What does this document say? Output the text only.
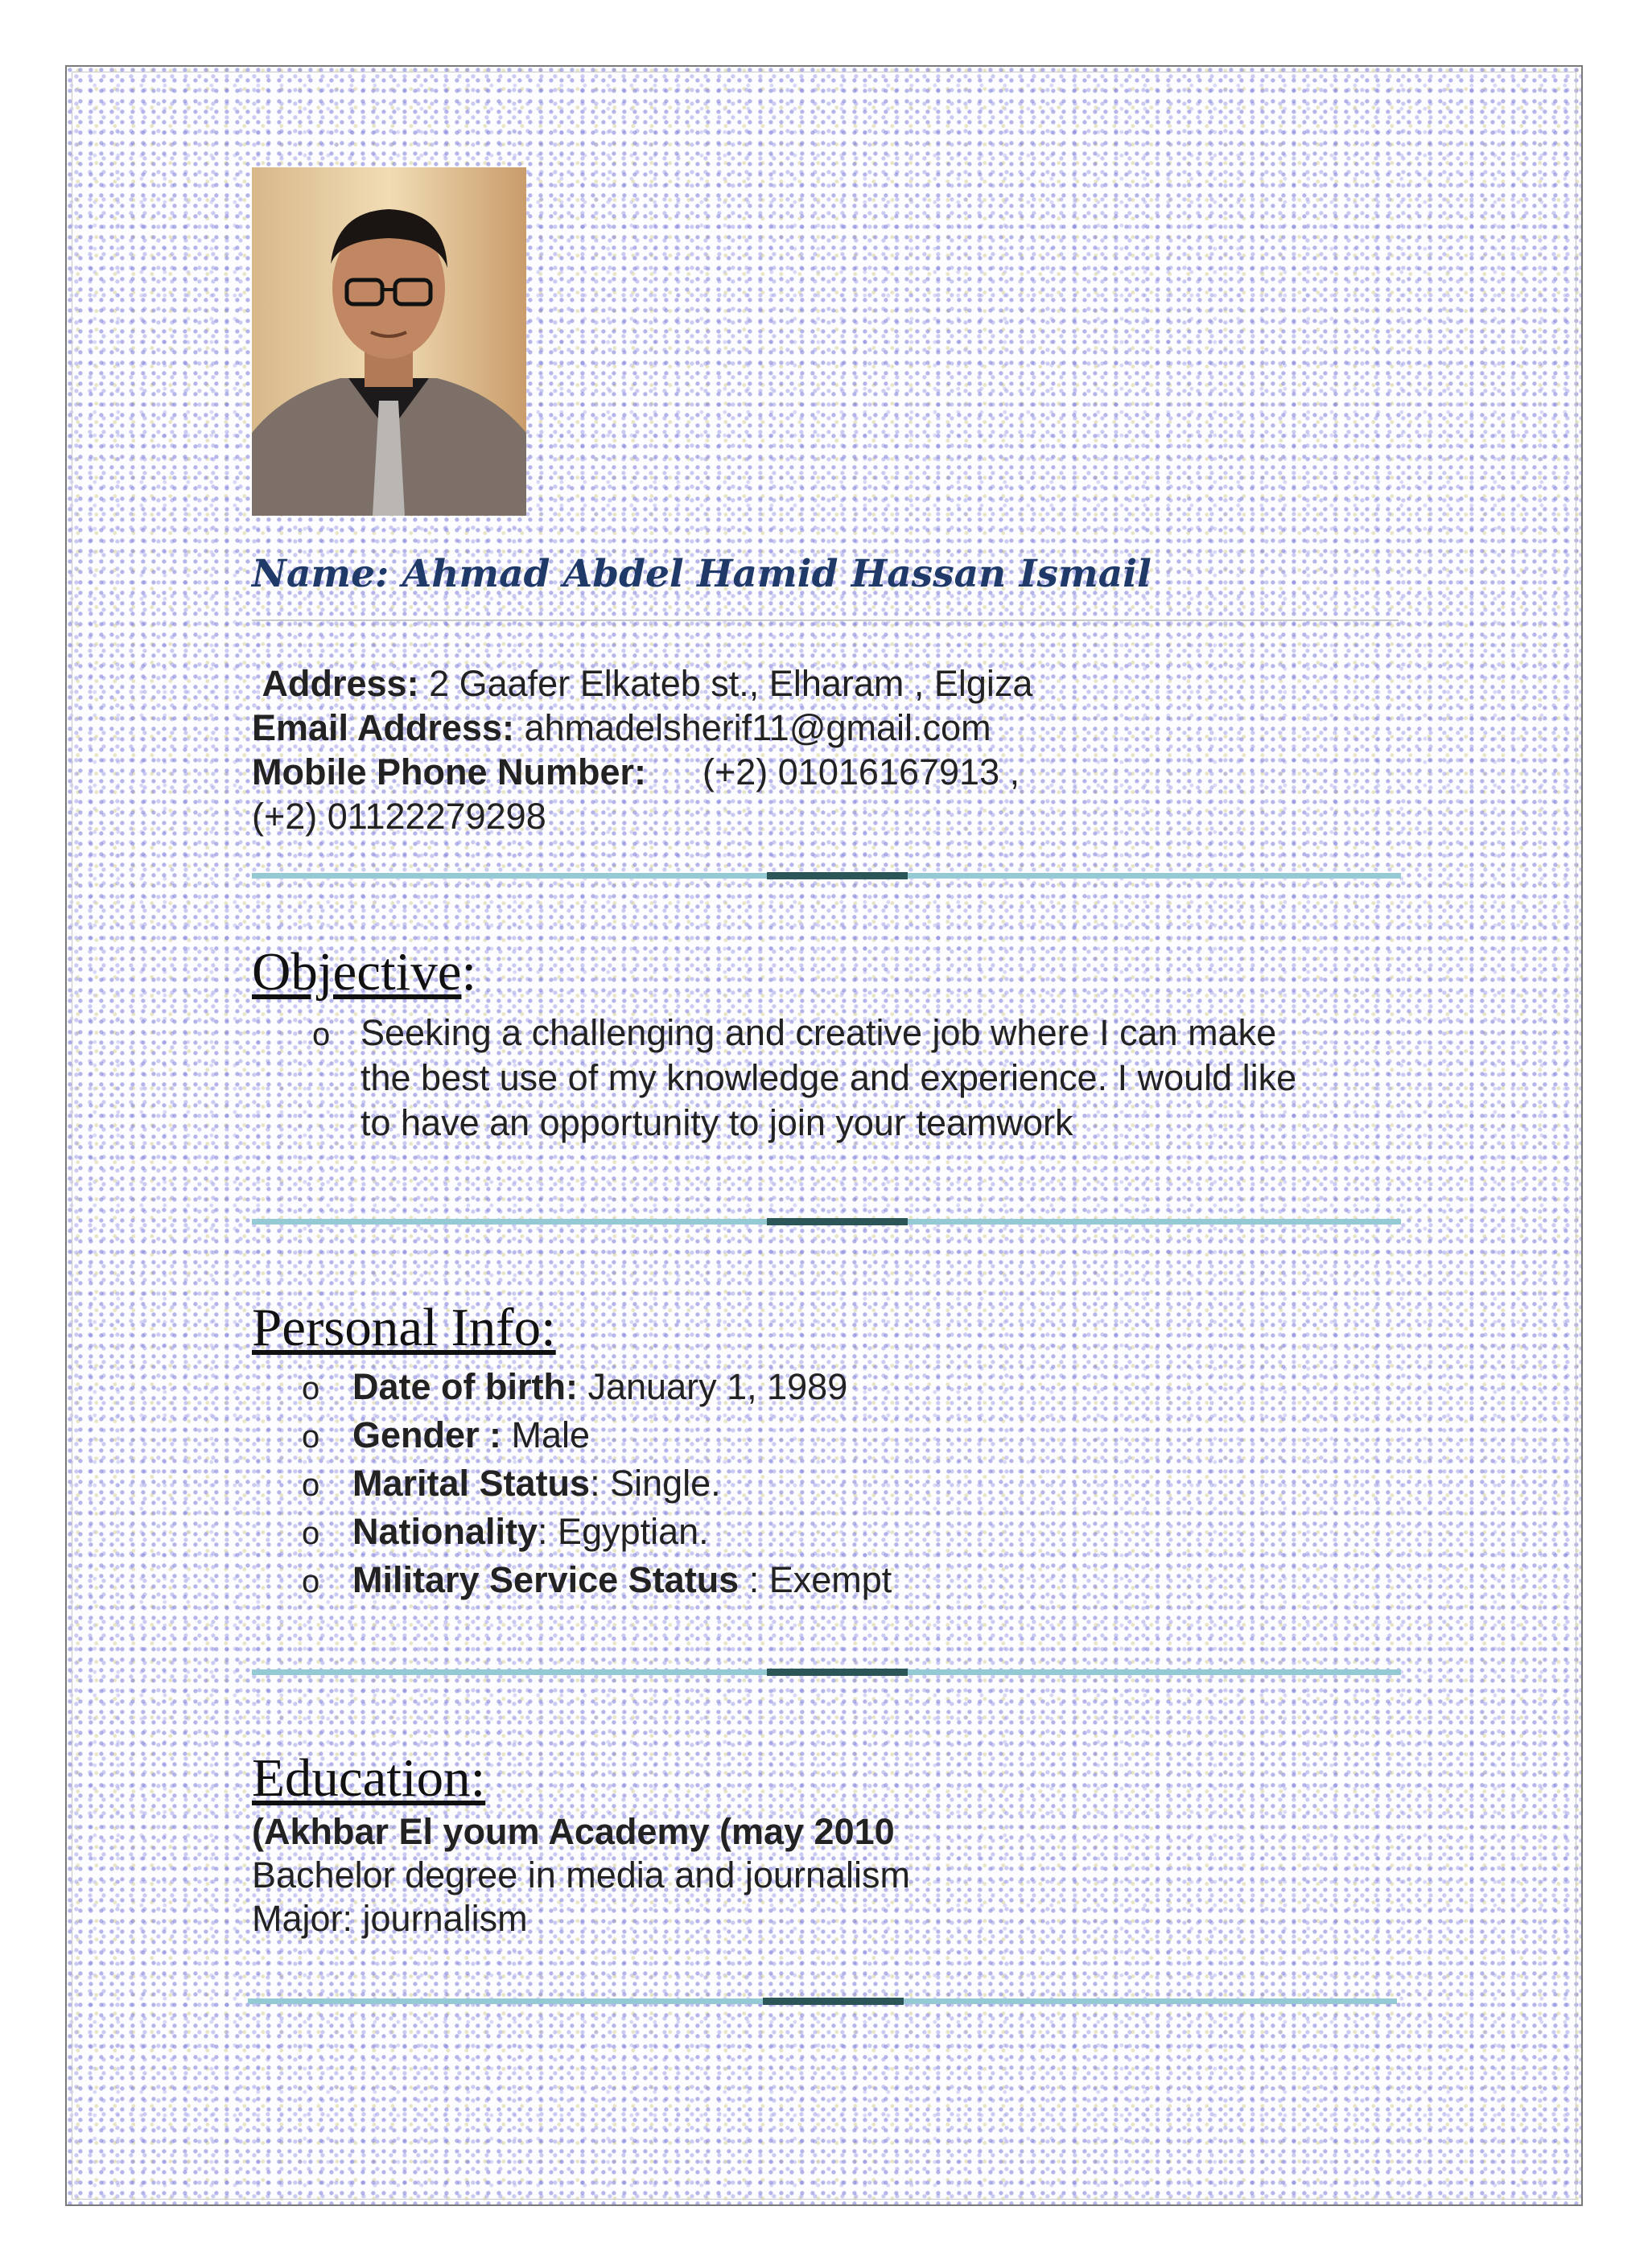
Name: Ahmad Abdel Hamid Hassan Ismail
Address: 2 Gaafer Elkateb st., Elharam , Elgiza
Email Address: ahmadelsherif11@gmail.com
Mobile Phone Number: (+2) 01016167913 ,
(+2) 01122279298
Objective:
o Seeking a challenging and creative job where I can make
the best use of my knowledge and experience. I would like
to have an opportunity to join your teamwork
Personal Info:
o Date of birth: January 1, 1989
o Gender : Male
o Marital Status: Single.
o Nationality: Egyptian.
o Military Service Status : Exempt
Education:
(Akhbar El youm Academy (may 2010
Bachelor degree in media and journalism
Major: journalism
